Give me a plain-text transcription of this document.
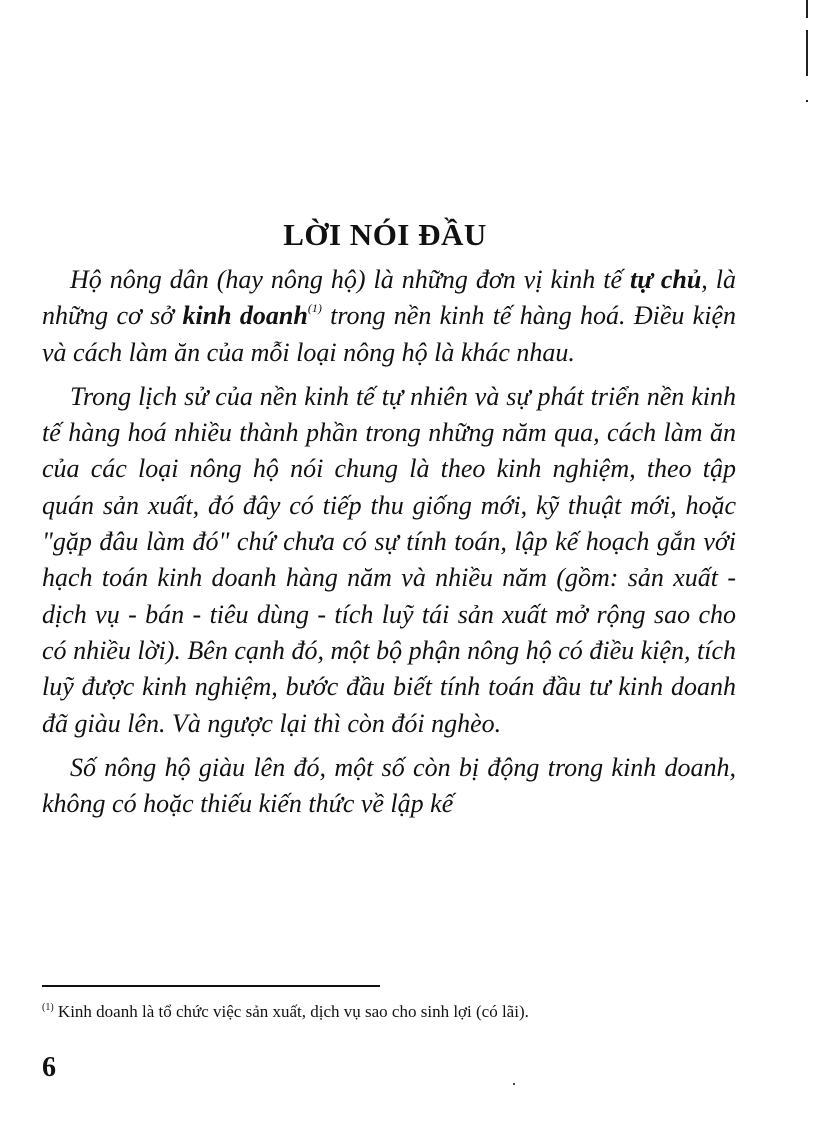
LỜI NÓI ĐẦU

Hộ nông dân (hay nông hộ) là những đơn vị kinh tế tự chủ, là những cơ sở kinh doanh$^{(1)}$ trong nền kinh tế hàng hoá. Điều kiện và cách làm ăn của mỗi loại nông hộ là khác nhau.

Trong lịch sử của nền kinh tế tự nhiên và sự phát triển nền kinh tế hàng hoá nhiều thành phần trong những năm qua, cách làm ăn của các loại nông hộ nói chung là theo kinh nghiệm, theo tập quán sản xuất, đó đây có tiếp thu giống mới, kỹ thuật mới, hoặc "gặp đâu làm đó" chứ chưa có sự tính toán, lập kế hoạch gắn với hạch toán kinh doanh hàng năm và nhiều năm (gồm: sản xuất - dịch vụ - bán - tiêu dùng - tích luỹ tái sản xuất mở rộng sao cho có nhiều lời). Bên cạnh đó, một bộ phận nông hộ có điều kiện, tích luỹ được kinh nghiệm, bước đầu biết tính toán đầu tư kinh doanh đã giàu lên. Và ngược lại thì còn đói nghèo.

Số nông hộ giàu lên đó, một số còn bị động trong kinh doanh, không có hoặc thiếu kiến thức về lập kế

$^{(1)}$ Kinh doanh là tổ chức việc sản xuất, dịch vụ sao cho sinh lợi (có lãi).
6
